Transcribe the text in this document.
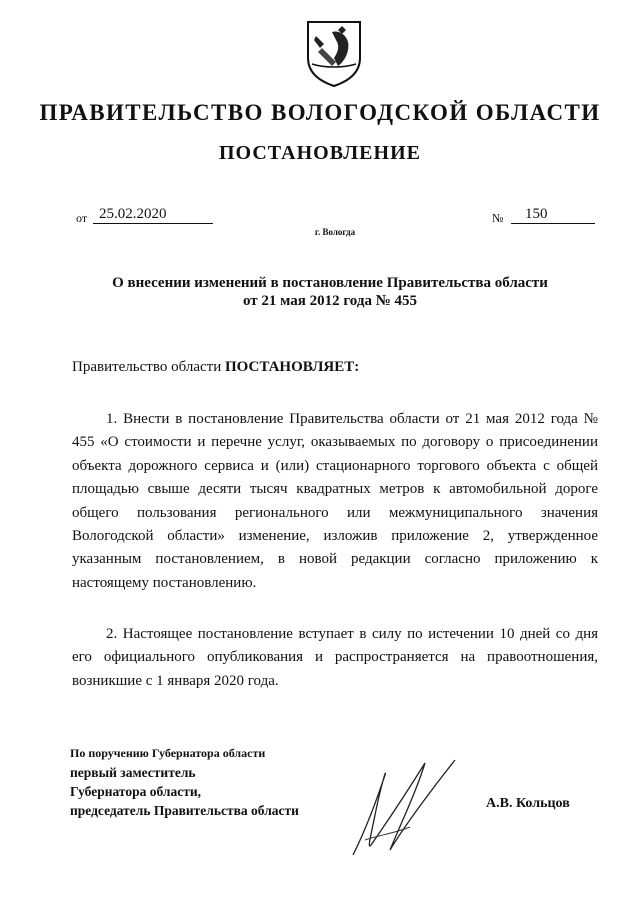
ПРАВИТЕЛЬСТВО ВОЛОГОДСКОЙ ОБЛАСТИ
ПОСТАНОВЛЕНИЕ
от 25.02.2020	№	150
г. Вологда
О внесении изменений в постановление Правительства области
от 21 мая 2012 года № 455
Правительство области ПОСТАНОВЛЯЕТ:
1. Внести в постановление Правительства области от 21 мая 2012 года № 455 «О стоимости и перечне услуг, оказываемых по договору о присоединении объекта дорожного сервиса и (или) стационарного торгового объекта с общей площадью свыше десяти тысяч квадратных метров к автомобильной дороге общего пользования регионального или межмуниципального значения Вологодской области» изменение, изложив приложение 2, утвержденное указанным постановлением, в новой редакции согласно приложению к настоящему постановлению.
2. Настоящее постановление вступает в силу по истечении 10 дней со дня его официального опубликования и распространяется на правоотношения, возникшие с 1 января 2020 года.
По поручению Губернатора области
первый заместитель
Губернатора области,
председатель Правительства области	А.В. Кольцов
